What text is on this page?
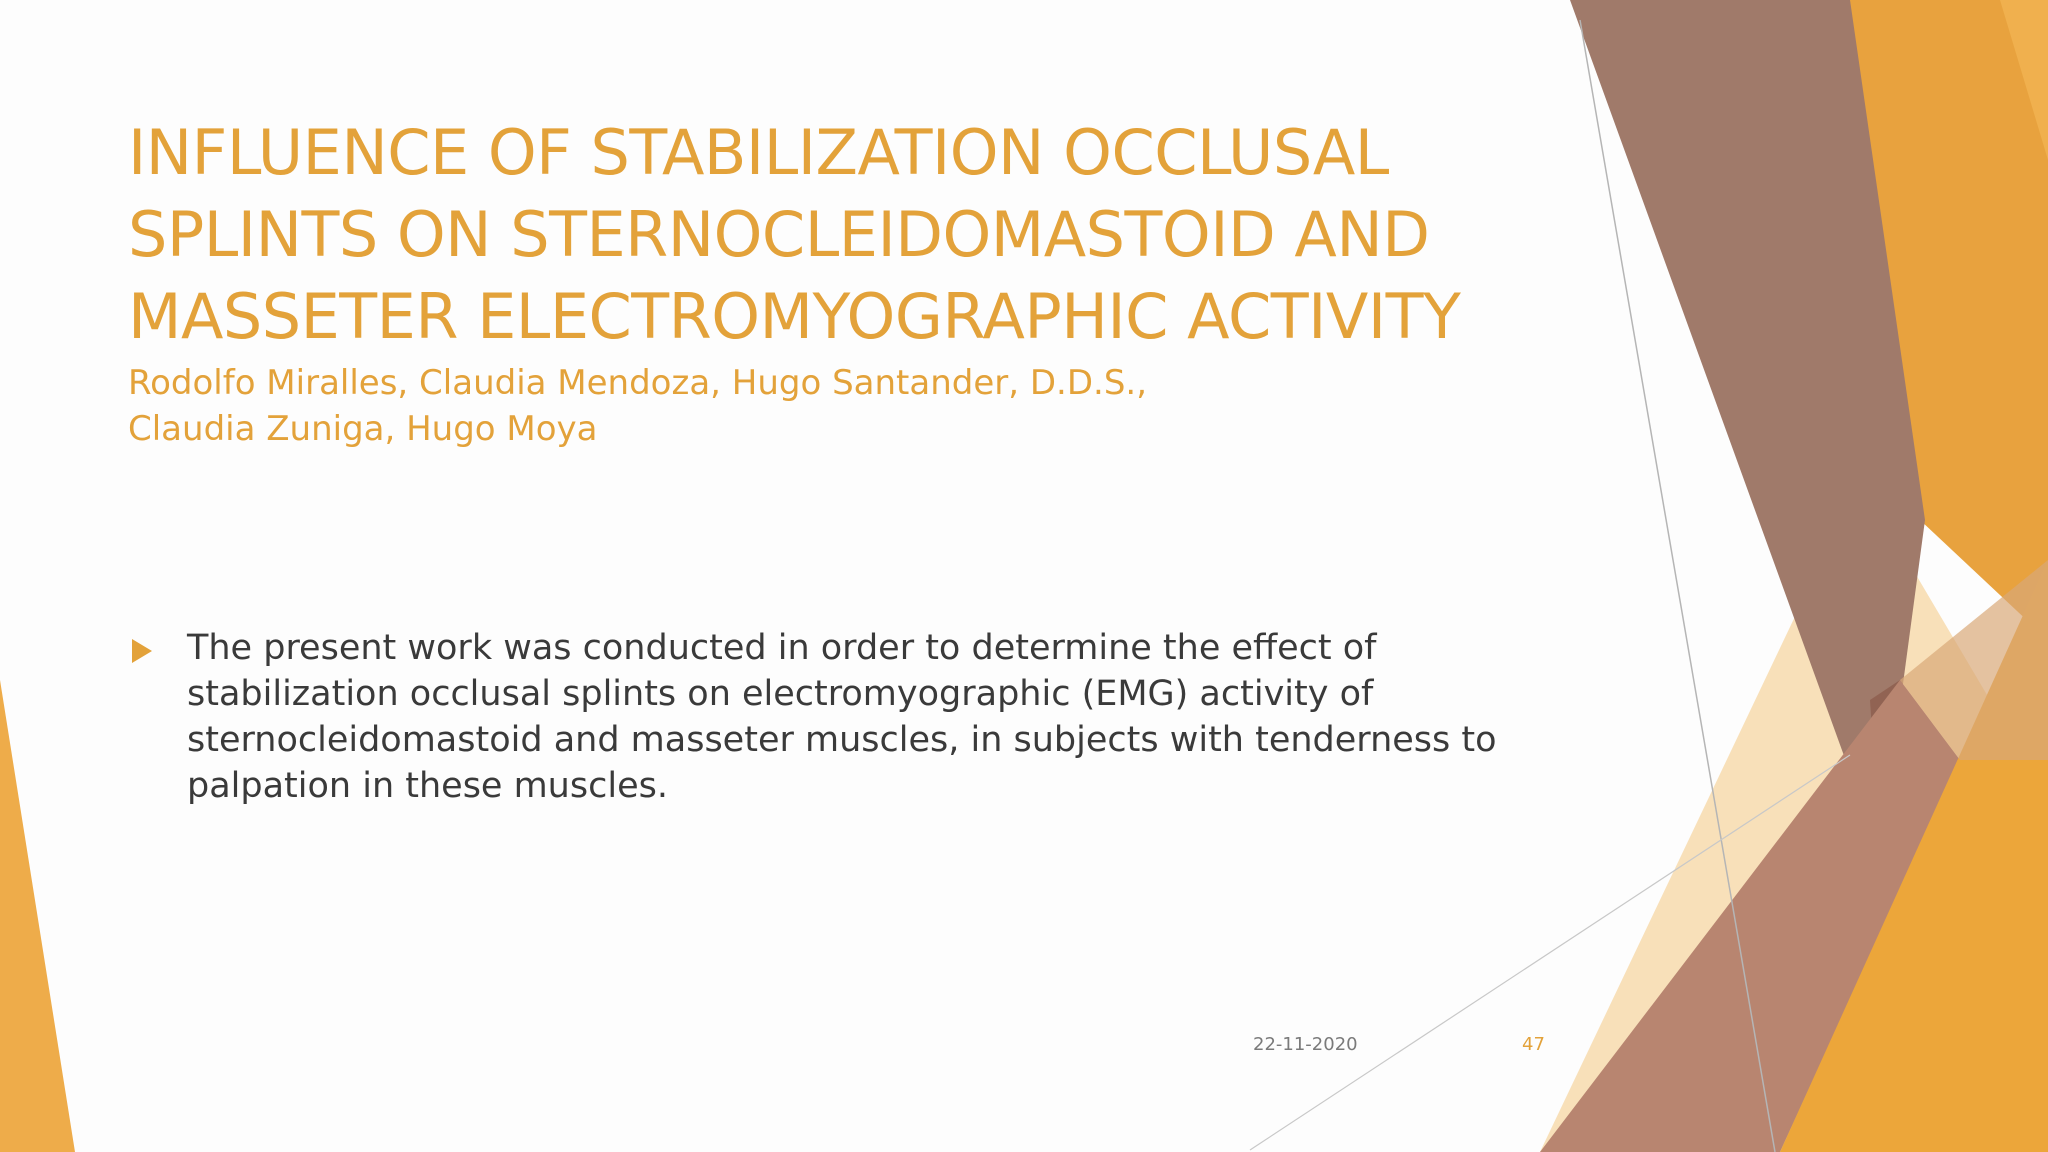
INFLUENCE OF STABILIZATION OCCLUSAL
SPLINTS ON STERNOCLEIDOMASTOID AND
MASSETER ELECTROMYOGRAPHIC ACTIVITY
Rodolfo Miralles, Claudia Mendoza, Hugo Santander, D.D.S.,
Claudia Zuniga, Hugo Moya
The present work was conducted in order to determine the effect of
stabilization occlusal splints on electromyographic (EMG) activity of
sternocleidomastoid and masseter muscles, in subjects with tenderness to
palpation in these muscles.
22-11-2020	47
